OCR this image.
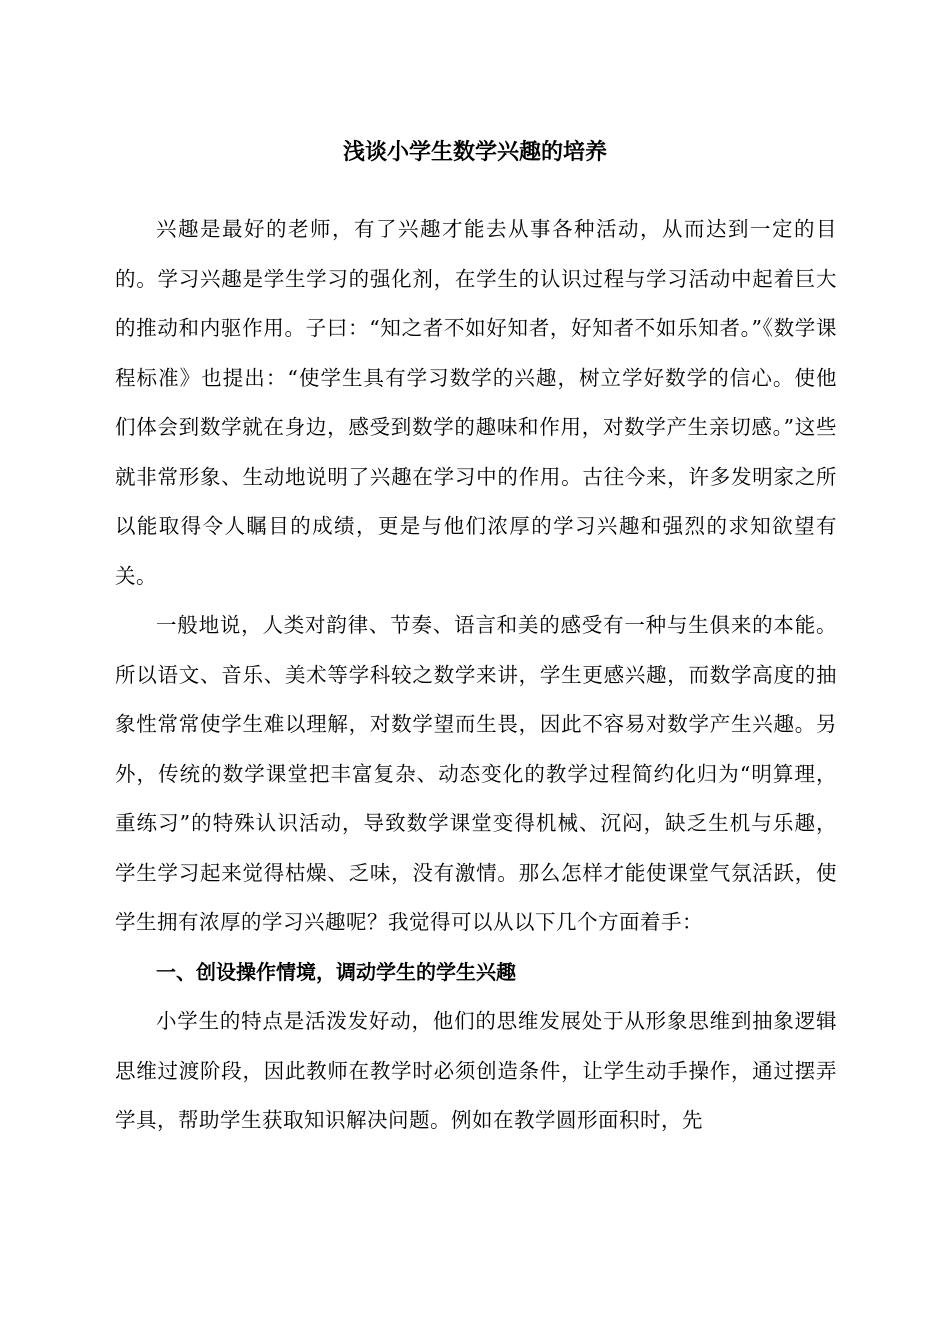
浅谈小学生数学兴趣的培养

兴趣是最好的老师，有了兴趣才能去从事各种活动，从而达到一定的目的。学习兴趣是学生学习的强化剂，在学生的认识过程与学习活动中起着巨大的推动和内驱作用。子曰：“知之者不如好知者，好知者不如乐知者。”《数学课程标准》也提出：“使学生具有学习数学的兴趣，树立学好数学的信心。使他们体会到数学就在身边，感受到数学的趣味和作用，对数学产生亲切感。”这些就非常形象、生动地说明了兴趣在学习中的作用。古往今来，许多发明家之所以能取得令人瞩目的成绩，更是与他们浓厚的学习兴趣和强烈的求知欲望有关。

一般地说，人类对韵律、节奏、语言和美的感受有一种与生俱来的本能。所以语文、音乐、美术等学科较之数学来讲，学生更感兴趣，而数学高度的抽象性常常使学生难以理解，对数学望而生畏，因此不容易对数学产生兴趣。另外，传统的数学课堂把丰富复杂、动态变化的教学过程简约化归为“明算理，重练习”的特殊认识活动，导致数学课堂变得机械、沉闷，缺乏生机与乐趣，学生学习起来觉得枯燥、乏味，没有激情。那么怎样才能使课堂气氛活跃，使学生拥有浓厚的学习兴趣呢？我觉得可以从以下几个方面着手：

一、创设操作情境，调动学生的学生兴趣

小学生的特点是活泼发好动，他们的思维发展处于从形象思维到抽象逻辑思维过渡阶段，因此教师在教学时必须创造条件，让学生动手操作，通过摆弄学具，帮助学生获取知识解决问题。例如在教学圆形面积时，先
